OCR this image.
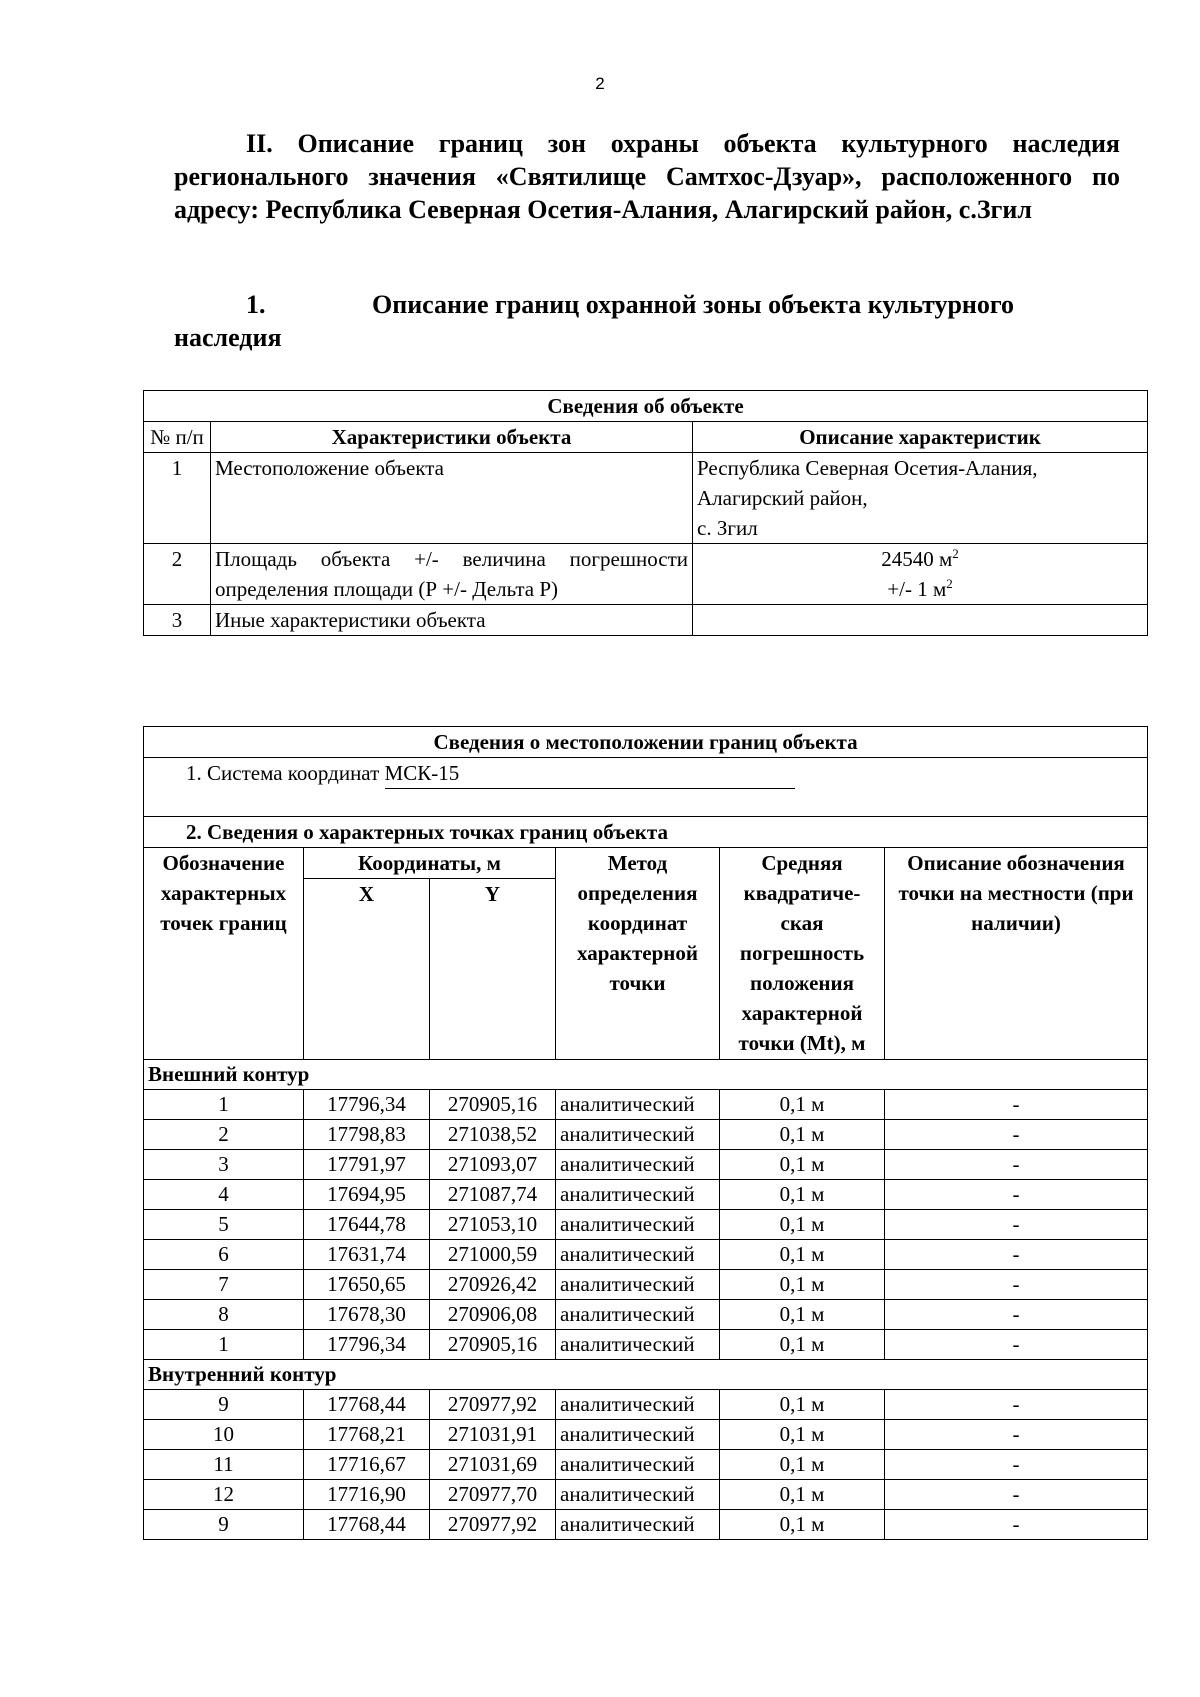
2

II. Описание границ зон охраны объекта культурного наследия регионального значения «Святилище Самтхос-Дзуар», расположенного по адресу: Республика Северная Осетия-Алания, Алагирский район, с.Згил

1.	Описание границ охранной зоны объекта культурного наследия

Сведения об объекте		
№ п/п	Характеристики объекта	Описание характеристик
1	Местоположение объекта	Республика Северная Осетия-Алания,
Алагирский район,
с. Згил

2	Площадь объекта +/- величина погрешности определения площади (Р +/- Дельта Р)	24540 $м^2$
+/- 1 $м^2$

3	Иные характеристики объекта	
Сведения о местоположении границ объекта					
1. Система координат МСК-15					
2. Сведения о характерных точках границ объекта					
Обозначение характерных точек границ	Координаты, м		Метод определения координат характерной точки	Средняя квадратиче-ская погрешность положения характерной точки (Mt), м	Описание обозначения точки на местности (при наличии)
	X	Y			
Внешний контур					
1	17796,34	270905,16	аналитический	0,1 м	-
2	17798,83	271038,52	аналитический	0,1 м	-
3	17791,97	271093,07	аналитический	0,1 м	-
4	17694,95	271087,74	аналитический	0,1 м	-
5	17644,78	271053,10	аналитический	0,1 м	-
6	17631,74	271000,59	аналитический	0,1 м	-
7	17650,65	270926,42	аналитический	0,1 м	-
8	17678,30	270906,08	аналитический	0,1 м	-
1	17796,34	270905,16	аналитический	0,1 м	-
Внутренний контур					
9	17768,44	270977,92	аналитический	0,1 м	-
10	17768,21	271031,91	аналитический	0,1 м	-
11	17716,67	271031,69	аналитический	0,1 м	-
12	17716,90	270977,70	аналитический	0,1 м	-
9	17768,44	270977,92	аналитический	0,1 м	-
